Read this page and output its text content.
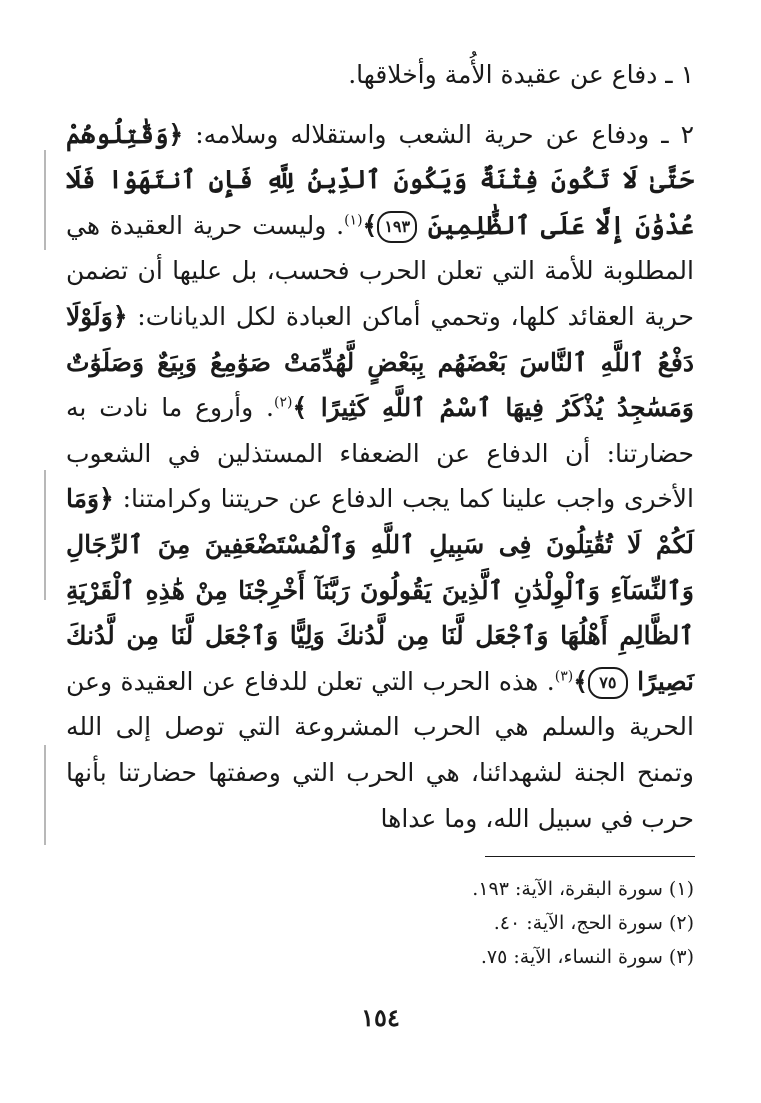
١ ـ دفاع عن عقيدة الأُمة وأخلاقها.

٢ ـ ودفاع عن حرية الشعب واستقلاله وسلامه: ﴿وَقَٰتِلُوهُمْ حَتَّىٰ لَا تَكُونَ فِتْنَةٌ وَيَكُونَ ٱلدِّينُ لِلَّهِ فَإِنِ ٱنتَهَوْا فَلَا عُدْوَٰنَ إِلَّا عَلَى ٱلظَّٰلِمِينَ ١٩٣﴾$^{(١)}$. وليست حرية العقيدة هي المطلوبة للأمة التي تعلن الحرب فحسب، بل عليها أن تضمن حرية العقائد كلها، وتحمي أماكن العبادة لكل الديانات: ﴿وَلَوْلَا دَفْعُ ٱللَّهِ ٱلنَّاسَ بَعْضَهُم بِبَعْضٍ لَّهُدِّمَتْ صَوَٰمِعُ وَبِيَعٌ وَصَلَوَٰتٌ وَمَسَٰجِدُ يُذْكَرُ فِيهَا ٱسْمُ ٱللَّهِ كَثِيرًا ﴾$^{(٢)}$. وأروع ما نادت به حضارتنا: أن الدفاع عن الضعفاء المستذلين في الشعوب الأخرى واجب علينا كما يجب الدفاع عن حريتنا وكرامتنا: ﴿وَمَا لَكُمْ لَا تُقَٰتِلُونَ فِى سَبِيلِ ٱللَّهِ وَٱلْمُسْتَضْعَفِينَ مِنَ ٱلرِّجَالِ وَٱلنِّسَآءِ وَٱلْوِلْدَٰنِ ٱلَّذِينَ يَقُولُونَ رَبَّنَآ أَخْرِجْنَا مِنْ هَٰذِهِ ٱلْقَرْيَةِ ٱلظَّالِمِ أَهْلُهَا وَٱجْعَل لَّنَا مِن لَّدُنكَ وَلِيًّا وَٱجْعَل لَّنَا مِن لَّدُنكَ نَصِيرًا ٧٥﴾$^{(٣)}$. هذه الحرب التي تعلن للدفاع عن العقيدة وعن الحرية والسلم هي الحرب المشروعة التي توصل إلى الله وتمنح الجنة لشهدائنا، هي الحرب التي وصفتها حضارتنا بأنها حرب في سبيل الله، وما عداها

(١) سورة البقرة، الآية: ١٩٣.

(٢) سورة الحج، الآية: ٤٠.

(٣) سورة النساء، الآية: ٧٥.

١٥٤
